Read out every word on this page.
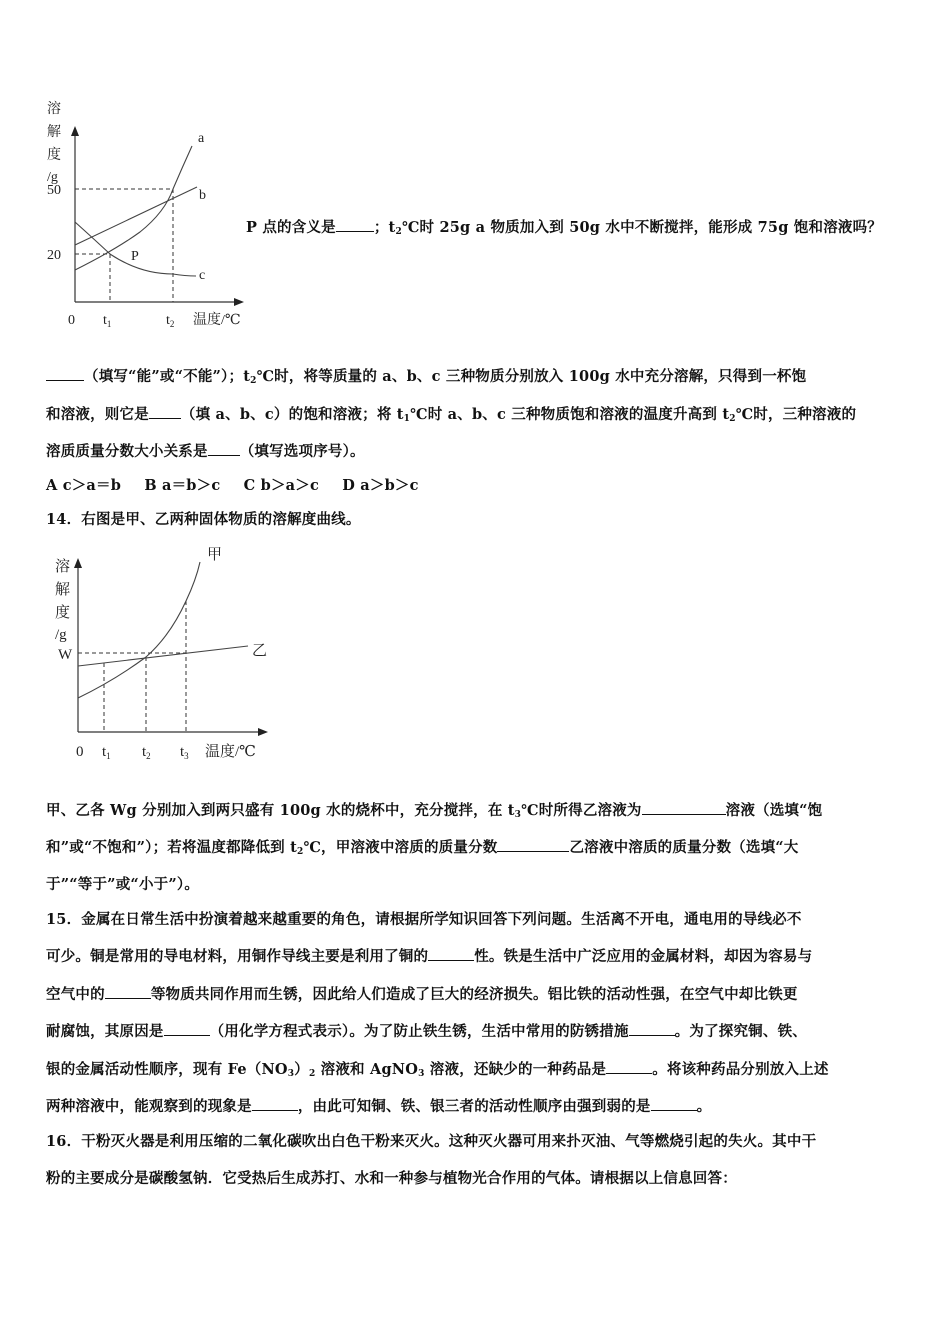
溶
解
度
/g
50
20
0 $t_1$	$t_2$ 温度/℃
a
b
c
P
P 点的含义是	；$t_2℃$时 25g a 物质加入到 50g 水中不断搅拌，能形成 75g 饱和溶液吗？
（填写“能”或“不能”）；$t_2℃$时，将等质量的 a、b、c 三种物质分别放入 100g 水中充分溶解，只得到一杯饱
和溶液，则它是 （填 a、b、c）的饱和溶液；将 $t_1℃$时 a、b、c 三种物质饱和溶液的温度升高到 $t_2℃$时，三种溶液的
溶质质量分数大小关系是 （填写选项序号）。
A c＞a＝b B a＝b＞c C b＞a＞c D a＞b＞c
14．右图是甲、乙两种固体物质的溶解度曲线。
溶
解
度
/g
W
0 $t_1$ $t_2$ $t_3$ 温度/℃
甲
乙
甲、乙各 Wg 分别加入到两只盛有 100g 水的烧杯中，充分搅拌，在 $t_3℃$时所得乙溶液为	溶液（选填“饱
和”或“不饱和”）；若将温度都降低到 $t_2℃$，甲溶液中溶质的质量分数	乙溶液中溶质的质量分数（选填“大
于”“等于”或“小于”）。
15．金属在日常生活中扮演着越来越重要的角色，请根据所学知识回答下列问题。生活离不开电，通电用的导线必不
可少。铜是常用的导电材料，用铜作导线主要是利用了铜的	性。铁是生活中广泛应用的金属材料，却因为容易与
空气中的	等物质共同作用而生锈，因此给人们造成了巨大的经济损失。铝比铁的活动性强，在空气中却比铁更
耐腐蚀，其原因是	（用化学方程式表示）。为了防止铁生锈，生活中常用的防锈措施	。为了探究铜、铁、
银的金属活动性顺序，现有 $Fe(NO_3)_2$ 溶液和 AgNO$_3$ 溶液，还缺少的一种药品是	。将该种药品分别放入上述
两种溶液中，能观察到的现象是	，由此可知铜、铁、银三者的活动性顺序由强到弱的是	。
16．干粉灭火器是利用压缩的二氧化碳吹出白色干粉来灭火。这种灭火器可用来扑灭油、气等燃烧引起的失火。其中干
粉的主要成分是碳酸氢钠．它受热后生成苏打、水和一种参与植物光合作用的气体。请根据以上信息回答：
